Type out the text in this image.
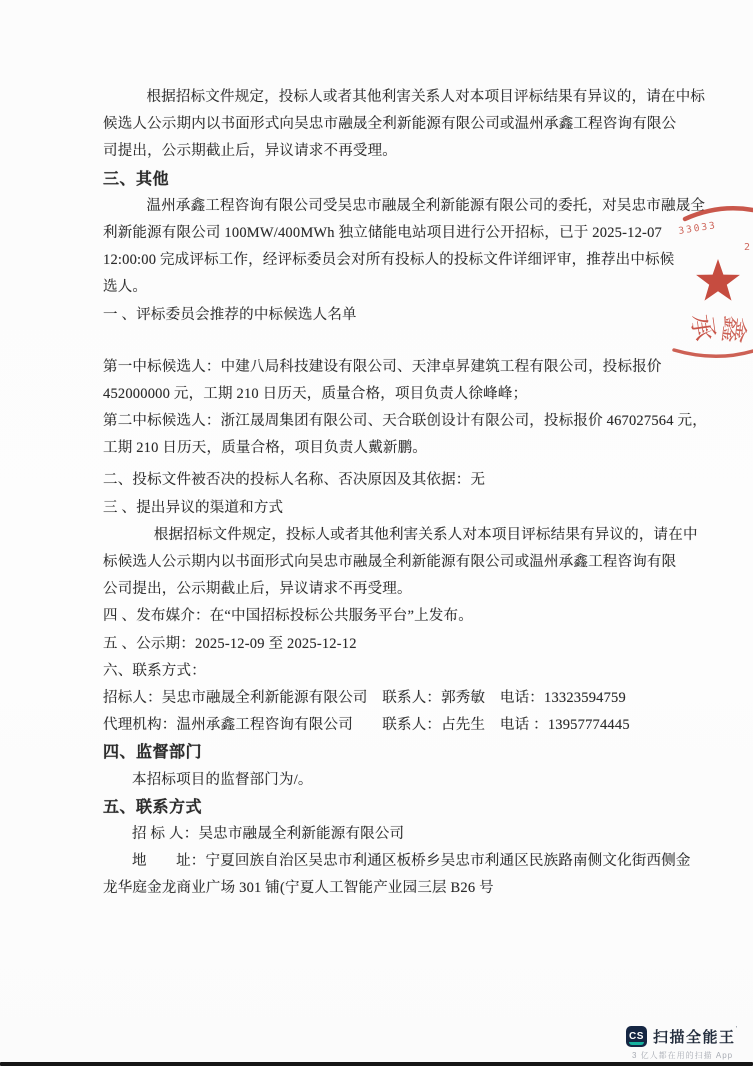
根据招标文件规定，投标人或者其他利害关系人对本项目评标结果有异议的，请在中标
候选人公示期内以书面形式向吴忠市融晟全利新能源有限公司或温州承鑫工程咨询有限公
司提出，公示期截止后，异议请求不再受理。
三、其他
温州承鑫工程咨询有限公司受吴忠市融晟全利新能源有限公司的委托，对吴忠市融晟全
利新能源有限公司 100MW/400MWh 独立储能电站项目进行公开招标，已于 2025-12-07
12:00:00 完成评标工作，经评标委员会对所有投标人的投标文件详细评审，推荐出中标候
选人。
一 、评标委员会推荐的中标候选人名单
第一中标候选人：中建八局科技建设有限公司、天津卓昇建筑工程有限公司，投标报价
452000000 元，工期 210 日历天，质量合格，项目负责人徐峰峰；
第二中标候选人：浙江晟周集团有限公司、天合联创设计有限公司，投标报价 467027564 元，
工期 210 日历天，质量合格，项目负责人戴新鹏。
二、投标文件被否决的投标人名称、否决原因及其依据：无
三 、提出异议的渠道和方式
根据招标文件规定，投标人或者其他利害关系人对本项目评标结果有异议的，请在中
标候选人公示期内以书面形式向吴忠市融晟全利新能源有限公司或温州承鑫工程咨询有限
公司提出，公示期截止后，异议请求不再受理。
四 、发布媒介：在“中国招标投标公共服务平台”上发布。
五 、公示期：2025-12-09 至 2025-12-12
六、联系方式：
招标人：吴忠市融晟全利新能源有限公司　联系人：郭秀敏　电话：13323594759
代理机构：温州承鑫工程咨询有限公司　　联系人：占先生　电话 ：13957774445
四、监督部门
本招标项目的监督部门为/。
五、联系方式
招 标 人：吴忠市融晟全利新能源有限公司
地　　址：宁夏回族自治区吴忠市利通区板桥乡吴忠市利通区民族路南侧文化街西侧金
龙华庭金龙商业广场 301 铺(宁夏人工智能产业园三层 B26 号
33033
2
承
鑫
CS 扫描全能王’
3 亿人都在用的扫描 App
